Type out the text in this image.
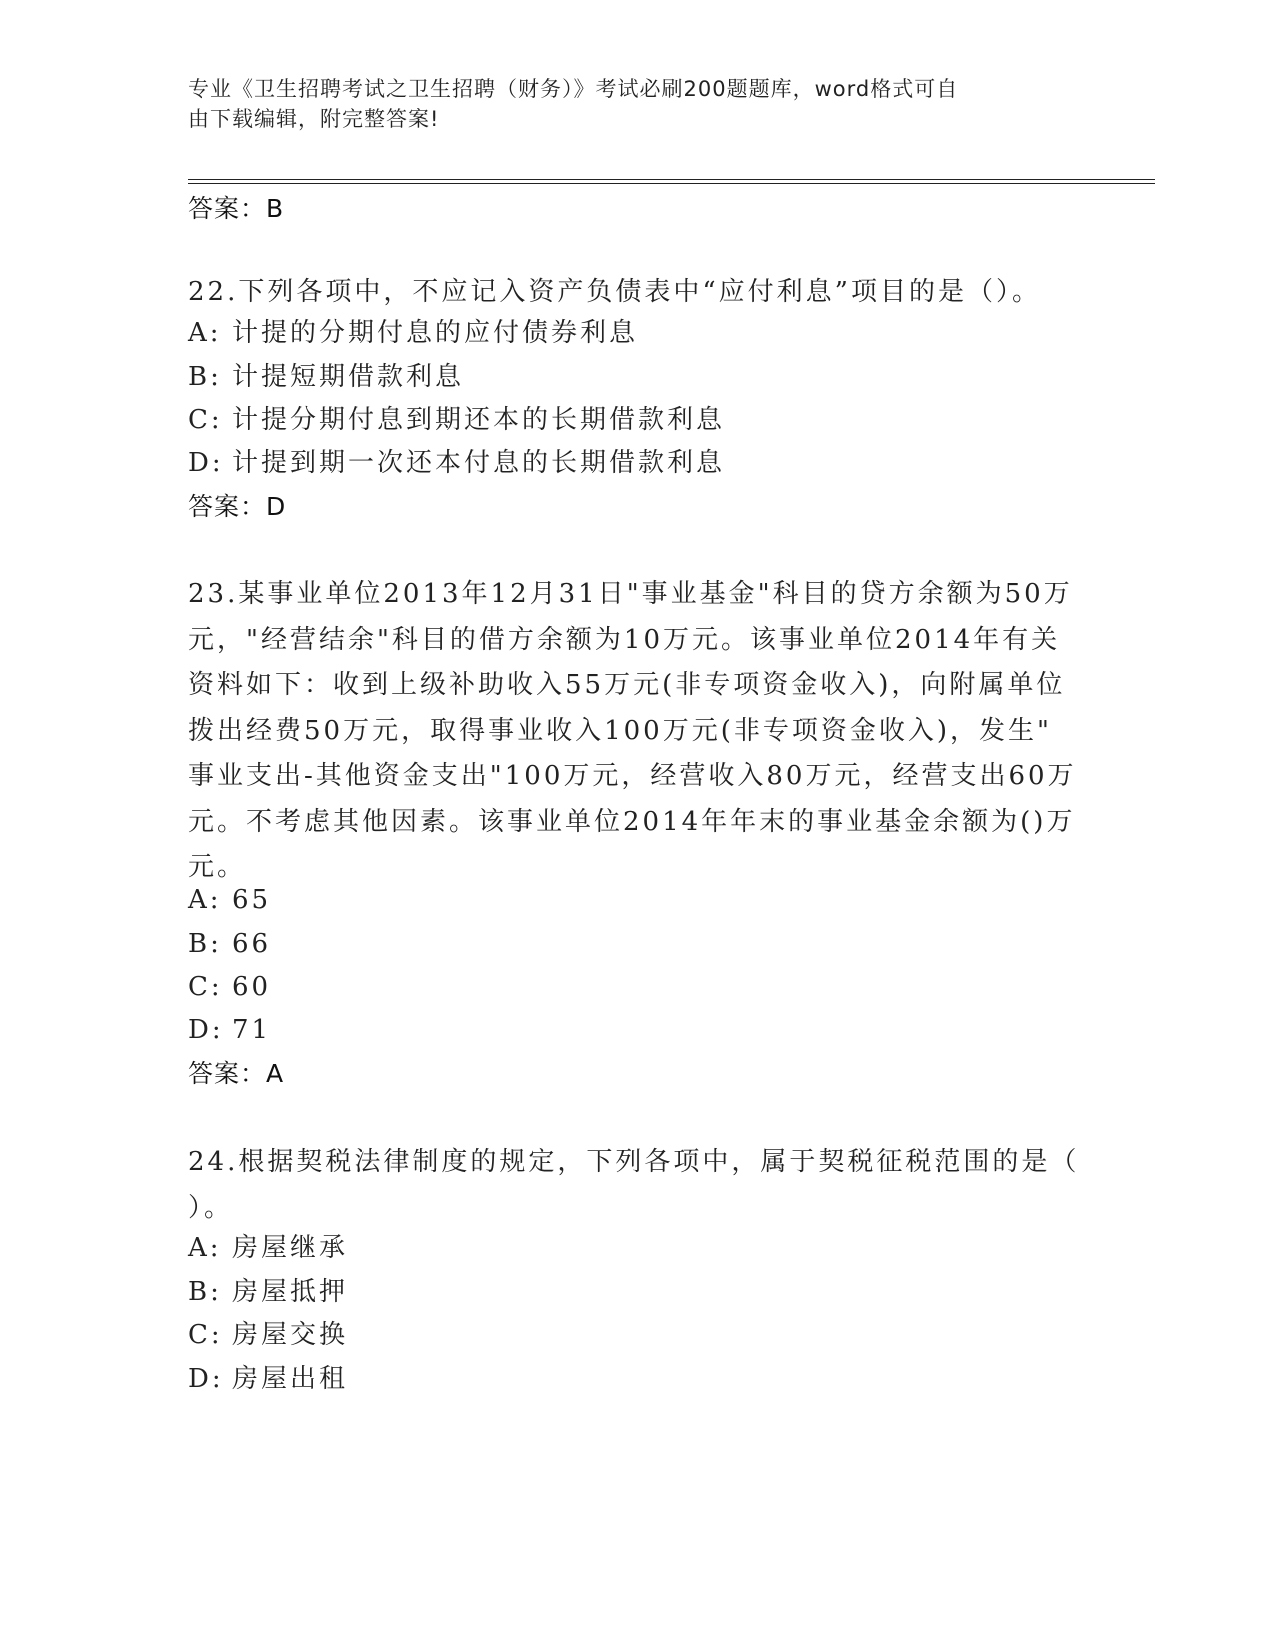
专业《卫生招聘考试之卫生招聘（财务）》考试必刷200题题库，word格式可自
由下载编辑，附完整答案!
答案：B
22.下列各项中，不应记入资产负债表中“应付利息”项目的是（）。
A: 计提的分期付息的应付债券利息
B: 计提短期借款利息
C: 计提分期付息到期还本的长期借款利息
D: 计提到期一次还本付息的长期借款利息
答案：D
23.某事业单位2013年12月31日"事业基金"科目的贷方余额为50万
元，"经营结余"科目的借方余额为10万元。该事业单位2014年有关
资料如下：收到上级补助收入55万元(非专项资金收入)，向附属单位
拨出经费50万元，取得事业收入100万元(非专项资金收入)，发生"
事业支出-其他资金支出"100万元，经营收入80万元，经营支出60万
元。不考虑其他因素。该事业单位2014年年末的事业基金余额为()万
元。
A: 65
B: 66
C: 60
D: 71
答案：A
24.根据契税法律制度的规定，下列各项中，属于契税征税范围的是（
）。
A: 房屋继承
B: 房屋抵押
C: 房屋交换
D: 房屋出租
